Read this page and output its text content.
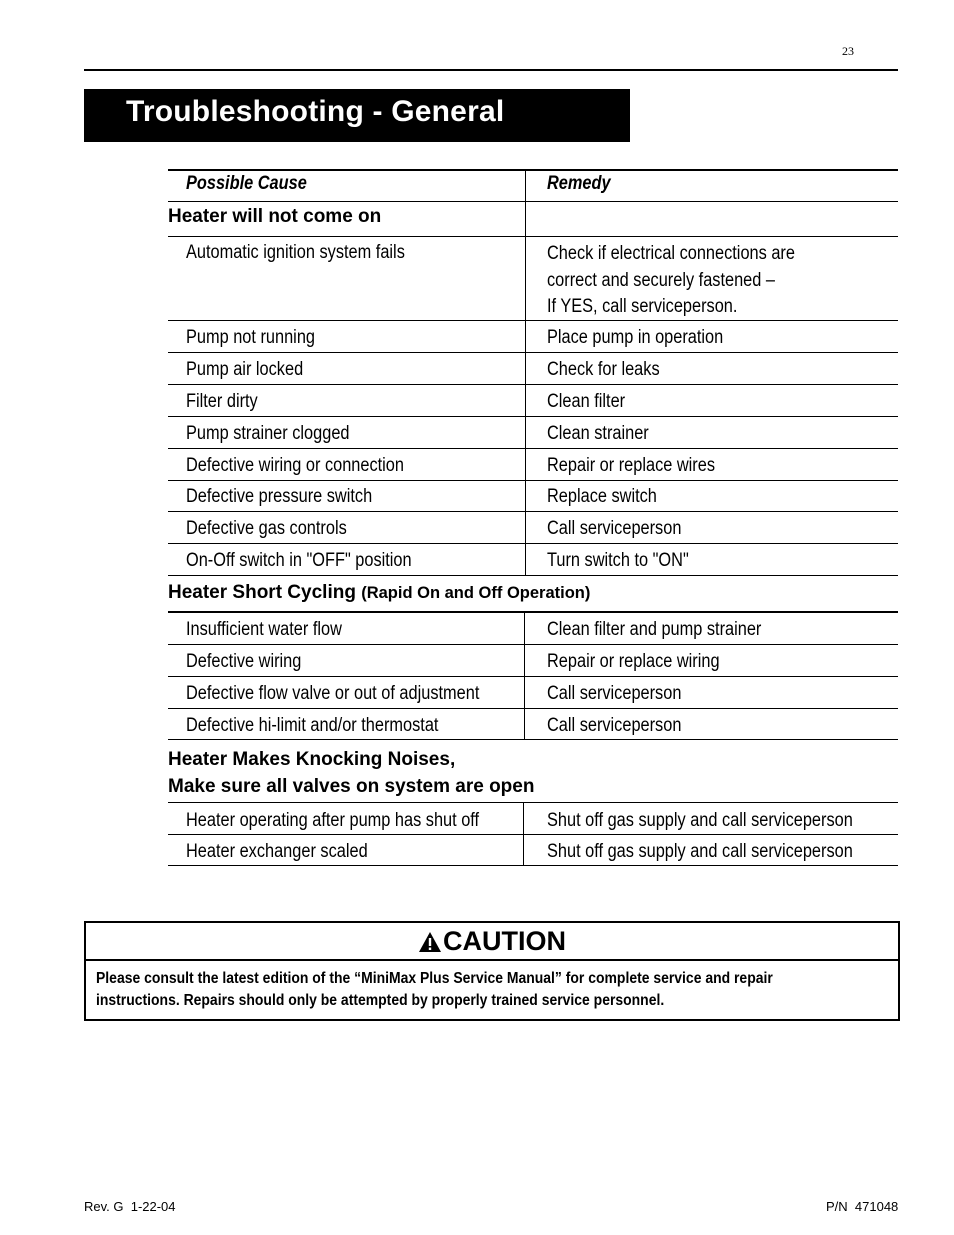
23
Troubleshooting - General
Possible Cause	Remedy
Heater will not come on
Automatic ignition system fails	Check if electrical connections are
correct and securely fastened –
If YES, call serviceperson.
Pump not running	Place pump in operation
Pump air locked	Check for leaks
Filter dirty	Clean filter
Pump strainer clogged	Clean strainer
Defective wiring or connection	Repair or replace wires
Defective pressure switch	Replace switch
Defective gas controls	Call serviceperson
On-Off switch in "OFF" position	Turn switch to "ON"
Heater Short Cycling (Rapid On and Off Operation)
Insufficient water flow	Clean filter and pump strainer
Defective wiring	Repair or replace wiring
Defective flow valve or out of adjustment	Call serviceperson
Defective hi-limit and/or thermostat	Call serviceperson
Heater Makes Knocking Noises,
Make sure all valves on system are open
Heater operating after pump has shut off	Shut off gas supply and call serviceperson
Heater exchanger scaled	Shut off gas supply and call serviceperson
CAUTION
Please consult the latest edition of the “MiniMax Plus Service Manual” for complete service and repair
instructions. Repairs should only be attempted by properly trained service personnel.
Rev. G  1-22-04	P/N  471048
